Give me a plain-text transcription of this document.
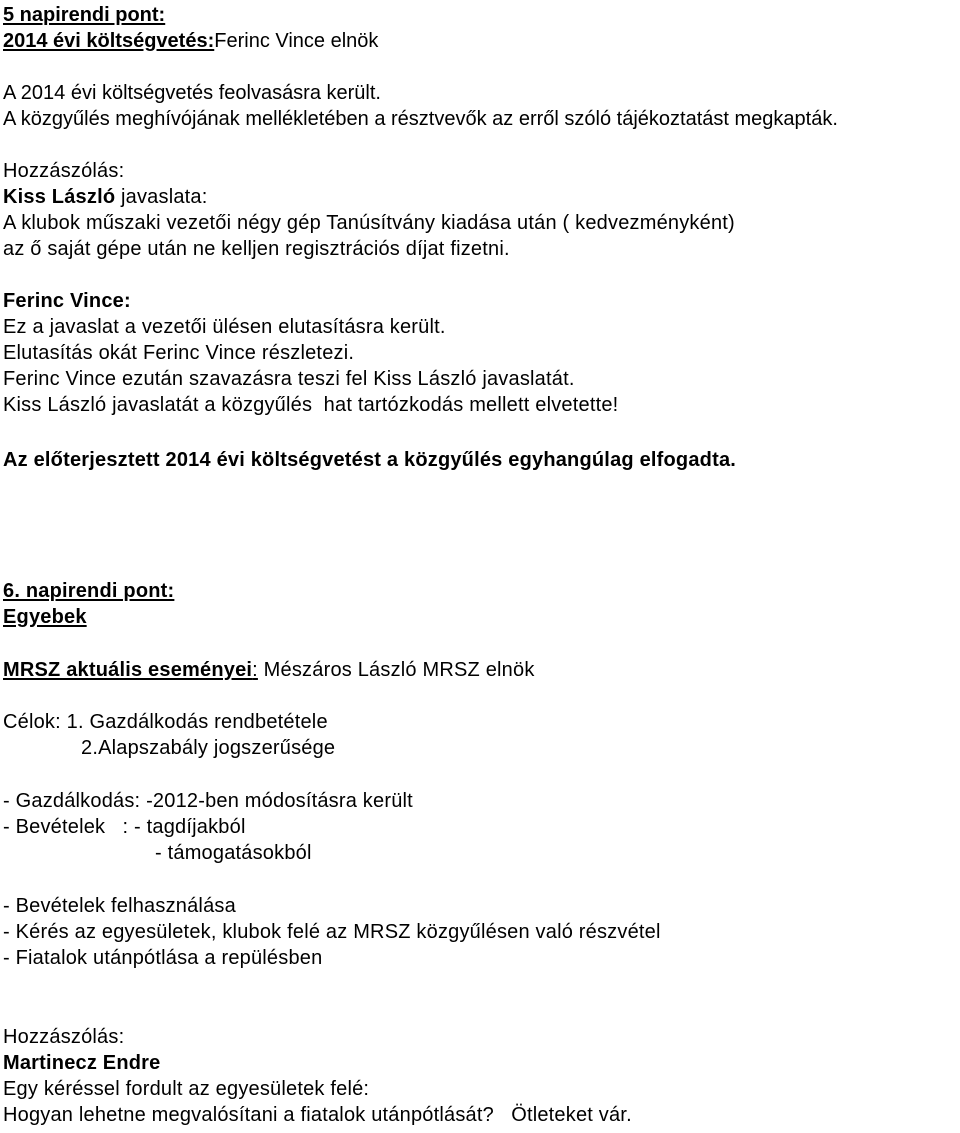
5 napirendi pont:
2014 évi költségvetés:Ferinc Vince elnök
A 2014 évi költségvetés feolvasásra került.
A közgyűlés meghívójának mellékletében a résztvevők az erről szóló tájékoztatást megkapták.
Hozzászólás:
Kiss László javaslata:
A klubok műszaki vezetői négy gép Tanúsítvány kiadása után ( kedvezményként)
az ő saját gépe után ne kelljen regisztrációs díjat fizetni.
Ferinc Vince:
Ez a javaslat a vezetői ülésen elutasításra került.
Elutasítás okát Ferinc Vince részletezi.
Ferinc Vince ezután szavazásra teszi fel Kiss László javaslatát.
Kiss László javaslatát a közgyűlés  hat tartózkodás mellett elvetette!
Az előterjesztett 2014 évi költségvetést a közgyűlés egyhangúlag elfogadta.
6. napirendi pont:
Egyebek
MRSZ aktuális eseményei: Mészáros László MRSZ elnök
Célok: 1. Gazdálkodás rendbetétele
2.Alapszabály jogszerűsége
- Gazdálkodás: -2012-ben módosításra került
- Bevételek   : - tagdíjakból
- támogatásokból
- Bevételek felhasználása
- Kérés az egyesületek, klubok felé az MRSZ közgyűlésen való részvétel
- Fiatalok utánpótlása a repülésben
Hozzászólás:
Martinecz Endre
Egy kéréssel fordult az egyesületek felé:
Hogyan lehetne megvalósítani a fiatalok utánpótlását?   Ötleteket vár.
